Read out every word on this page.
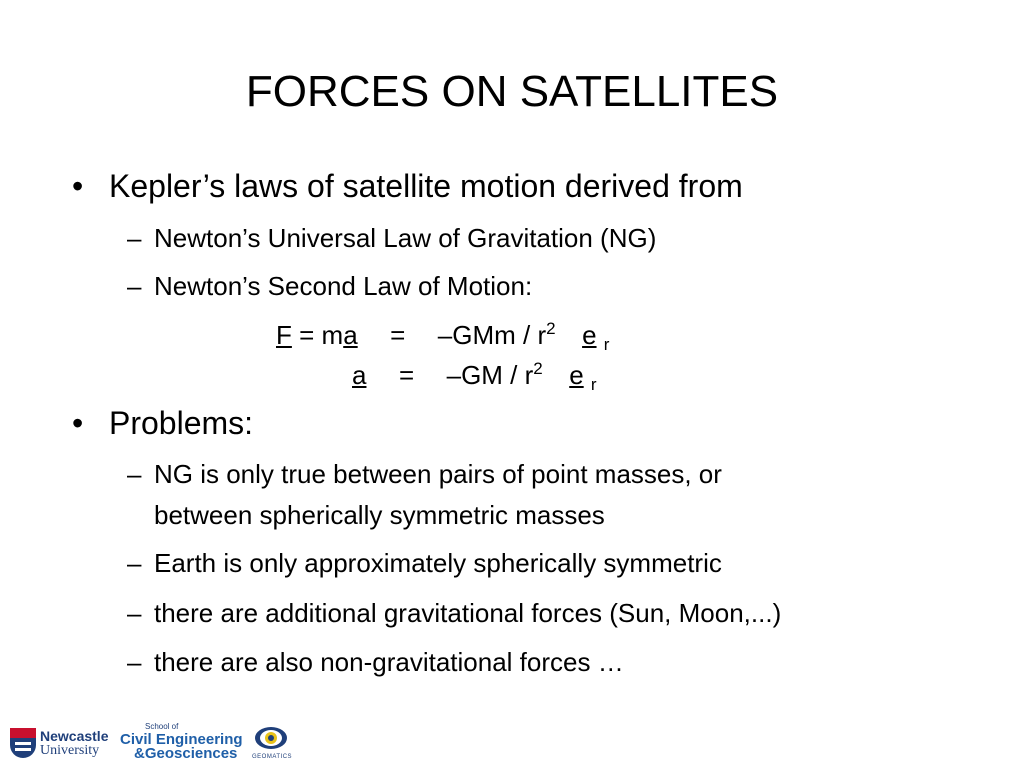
FORCES ON SATELLITES
• Kepler’s laws of satellite motion derived from
– Newton’s Universal Law of Gravitation (NG)
– Newton’s Second Law of Motion:
F = ma = $-GMm / r^2$ e $_r$
$a = -GM / r^2$ e $_r$
• Problems:
– NG is only true between pairs of point masses, or
between spherically symmetric masses
– Earth is only approximately spherically symmetric
– there are additional gravitational forces (Sun, Moon,...)
– there are also non-gravitational forces …
Newcastle
University
School of
Civil Engineering
&Geosciences GEOMATICS
